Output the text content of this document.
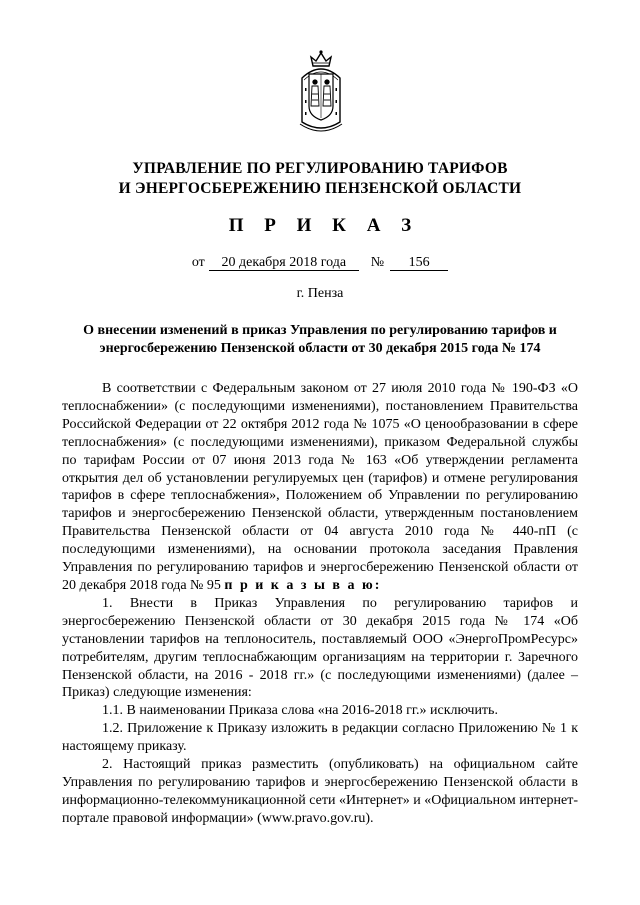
УПРАВЛЕНИЕ ПО РЕГУЛИРОВАНИЮ ТАРИФОВ
И ЭНЕРГОСБЕРЕЖЕНИЮ ПЕНЗЕНСКОЙ ОБЛАСТИ
П Р И К А З
от 20 декабря 2018 года № 156
г. Пенза
О внесении изменений в приказ Управления по регулированию тарифов и энергосбережению Пензенской области от 30 декабря 2015 года № 174

В соответствии с Федеральным законом от 27 июля 2010 года № 190-ФЗ «О теплоснабжении» (с последующими изменениями), постановлением Правительства Российской Федерации от 22 октября 2012 года № 1075 «О ценообразовании в сфере теплоснабжения» (с последующими изменениями), приказом Федеральной службы по тарифам России от 07 июня 2013 года № 163 «Об утверждении регламента открытия дел об установлении регулируемых цен (тарифов) и отмене регулирования тарифов в сфере теплоснабжения», Положением об Управлении по регулированию тарифов и энергосбережению Пензенской области, утвержденным постановлением Правительства Пензенской области от 04 августа 2010 года № 440-пП (с последующими изменениями), на основании протокола заседания Правления Управления по регулированию тарифов и энергосбережению Пензенской области от 20 декабря 2018 года № 95 п р и к а з ы в а ю:

1. Внести в Приказ Управления по регулированию тарифов и энергосбережению Пензенской области от 30 декабря 2015 года № 174 «Об установлении тарифов на теплоноситель, поставляемый ООО «ЭнергоПромРесурс» потребителям, другим теплоснабжающим организациям на территории г. Заречного Пензенской области, на 2016 - 2018 гг.» (с последующими изменениями) (далее – Приказ) следующие изменения:

1.1. В наименовании Приказа слова «на 2016-2018 гг.» исключить.

1.2. Приложение к Приказу изложить в редакции согласно Приложению № 1 к настоящему приказу.

2. Настоящий приказ разместить (опубликовать) на официальном сайте Управления по регулированию тарифов и энергосбережению Пензенской области в информационно-телекоммуникационной сети «Интернет» и «Официальном интернет-портале правовой информации» (www.pravo.gov.ru).
